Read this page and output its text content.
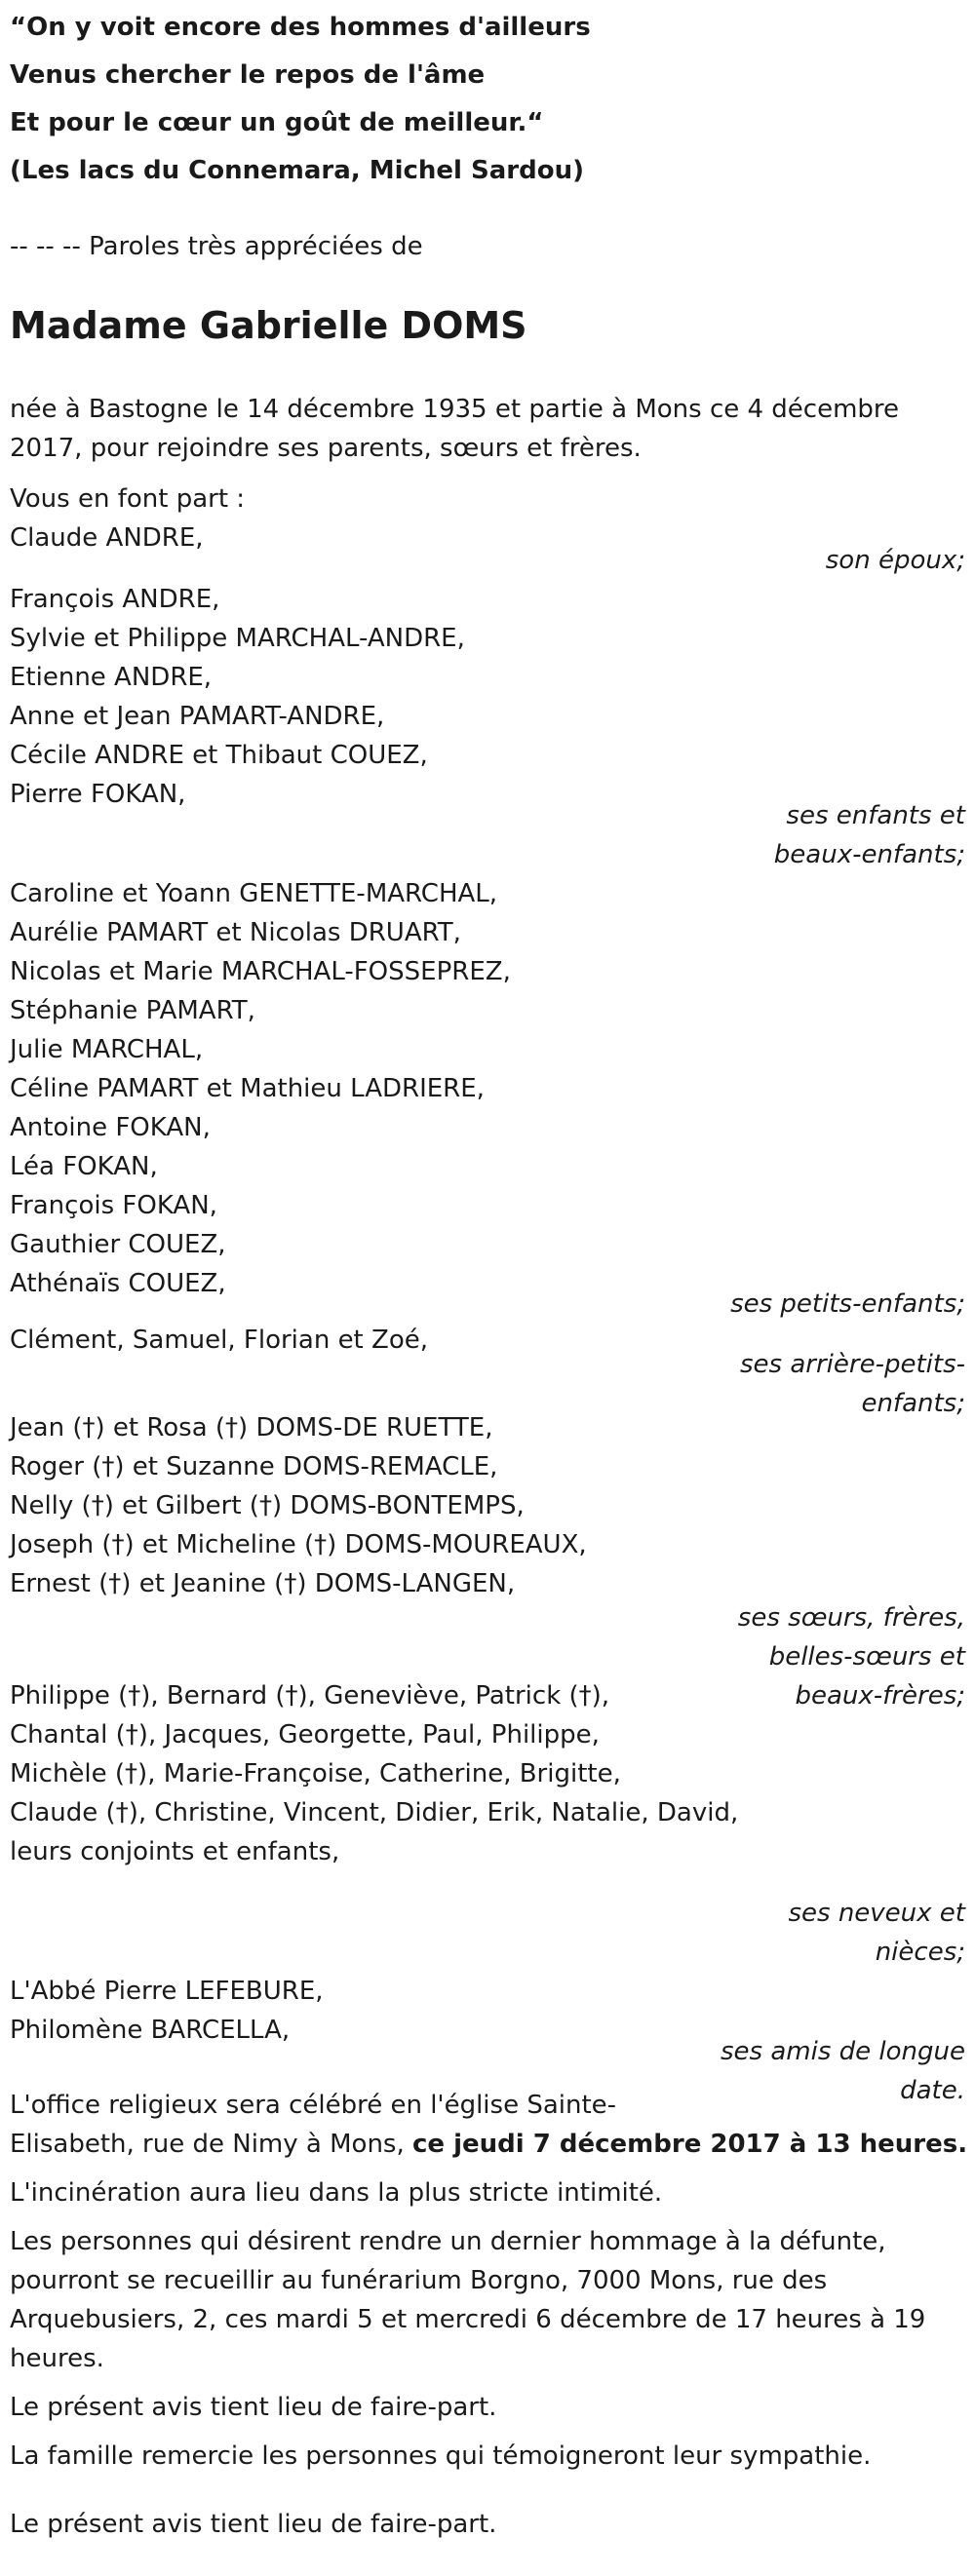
“On y voit encore des hommes d'ailleurs

Venus chercher le repos de l'âme

Et pour le cœur un goût de meilleur.“

(Les lacs du Connemara, Michel Sardou)

-- -- -- Paroles très appréciées de
Madame Gabrielle DOMS
née à Bastogne le 14 décembre 1935 et partie à Mons ce 4 décembre
2017, pour rejoindre ses parents, sœurs et frères.
Vous en font part :
Claude ANDRE,
son époux;
François ANDRE,
Sylvie et Philippe MARCHAL-ANDRE,
Etienne ANDRE,
Anne et Jean PAMART-ANDRE,
Cécile ANDRE et Thibaut COUEZ,
Pierre FOKAN,
ses enfants et
beaux-enfants;
Caroline et Yoann GENETTE-MARCHAL,
Aurélie PAMART et Nicolas DRUART,
Nicolas et Marie MARCHAL-FOSSEPREZ,
Stéphanie PAMART,
Julie MARCHAL,
Céline PAMART et Mathieu LADRIERE,
Antoine FOKAN,
Léa FOKAN,
François FOKAN,
Gauthier COUEZ,
Athénaïs COUEZ,
ses petits-enfants;
Clément, Samuel, Florian et Zoé,
ses arrière-petits-
enfants;
Jean (†) et Rosa (†) DOMS-DE RUETTE,
Roger (†) et Suzanne DOMS-REMACLE,
Nelly (†) et Gilbert (†) DOMS-BONTEMPS,
Joseph (†) et Micheline (†) DOMS-MOUREAUX,
Ernest (†) et Jeanine (†) DOMS-LANGEN,
ses sœurs, frères,
belles-sœurs et
beaux-frères;
Philippe (†), Bernard (†), Geneviève, Patrick (†),
Chantal (†), Jacques, Georgette, Paul, Philippe,
Michèle (†), Marie-Françoise, Catherine, Brigitte,
Claude (†), Christine, Vincent, Didier, Erik, Natalie, David,
leurs conjoints et enfants,
ses neveux et
nièces;
L'Abbé Pierre LEFEBURE,
Philomène BARCELLA,
ses amis de longue
date.

L'office religieux sera célébré en l'église Sainte-
Elisabeth, rue de Nimy à Mons, ce jeudi 7 décembre 2017 à 13 heures.

L'incinération aura lieu dans la plus stricte intimité.

Les personnes qui désirent rendre un dernier hommage à la défunte,
pourront se recueillir au funérarium Borgno, 7000 Mons, rue des
Arquebusiers, 2, ces mardi 5 et mercredi 6 décembre de 17 heures à 19
heures.

Le présent avis tient lieu de faire-part.

La famille remercie les personnes qui témoigneront leur sympathie.

Le présent avis tient lieu de faire-part.
